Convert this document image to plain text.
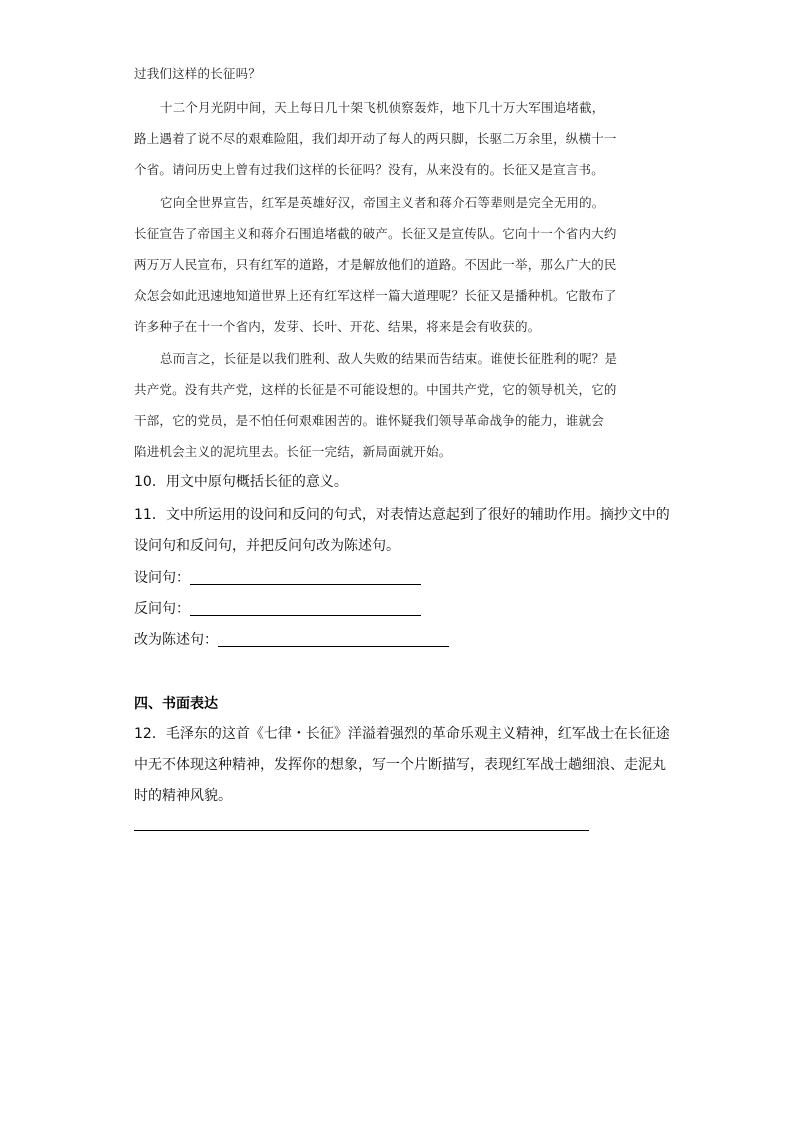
过我们这样的长征吗？
十二个月光阴中间，天上每日几十架飞机侦察轰炸，地下几十万大军围追堵截，
路上遇着了说不尽的艰难险阻，我们却开动了每人的两只脚，长驱二万余里，纵横十一
个省。请问历史上曾有过我们这样的长征吗？没有，从来没有的。长征又是宣言书。
它向全世界宣告，红军是英雄好汉，帝国主义者和蒋介石等辈则是完全无用的。
长征宣告了帝国主义和蒋介石围追堵截的破产。长征又是宣传队。它向十一个省内大约
两万万人民宣布，只有红军的道路，才是解放他们的道路。不因此一举，那么广大的民
众怎会如此迅速地知道世界上还有红军这样一篇大道理呢？长征又是播种机。它散布了
许多种子在十一个省内，发芽、长叶、开花、结果，将来是会有收获的。
总而言之，长征是以我们胜利、敌人失败的结果而告结束。谁使长征胜利的呢？是
共产党。没有共产党，这样的长征是不可能设想的。中国共产党，它的领导机关，它的
干部，它的党员，是不怕任何艰难困苦的。谁怀疑我们领导革命战争的能力，谁就会
陷进机会主义的泥坑里去。长征一完结，新局面就开始。
10．用文中原句概括长征的意义。
11．文中所运用的设问和反问的句式，对表情达意起到了很好的辅助作用。摘抄文中的
设问句和反问句，并把反问句改为陈述句。
设问句：
反问句：
改为陈述句：
四、书面表达
12．毛泽东的这首《七律・长征》洋溢着强烈的革命乐观主义精神，红军战士在长征途
中无不体现这种精神，发挥你的想象，写一个片断描写，表现红军战士趟细浪、走泥丸
时的精神风貌。
